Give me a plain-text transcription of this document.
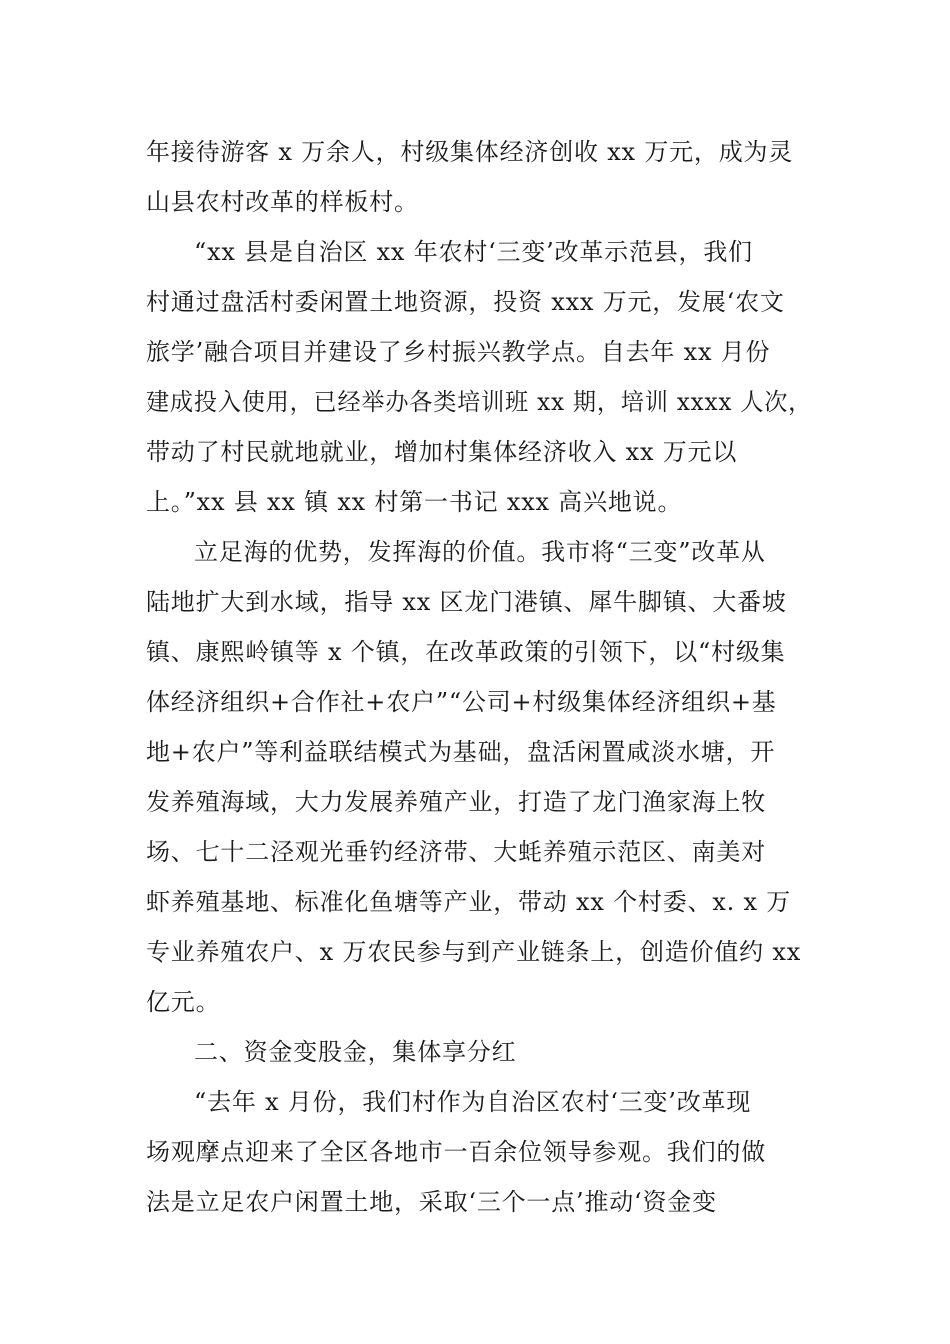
年接待游客 x 万余人，村级集体经济创收 xx 万元，成为灵
山县农村改革的样板村。
“xx 县是自治区 xx 年农村‘三变’改革示范县，我们
村通过盘活村委闲置土地资源，投资 xxx 万元，发展‘农文
旅学’融合项目并建设了乡村振兴教学点。自去年 xx 月份
建成投入使用，已经举办各类培训班 xx 期，培训 xxxx 人次，
带动了村民就地就业，增加村集体经济收入 xx 万元以
上。”xx 县 xx 镇 xx 村第一书记 xxx 高兴地说。
立足海的优势，发挥海的价值。我市将“三变”改革从
陆地扩大到水域，指导 xx 区龙门港镇、犀牛脚镇、大番坡
镇、康熙岭镇等 x 个镇，在改革政策的引领下，以“村级集
体经济组织+合作社+农户”“公司+村级集体经济组织+基
地+农户”等利益联结模式为基础，盘活闲置咸淡水塘，开
发养殖海域，大力发展养殖产业，打造了龙门渔家海上牧
场、七十二泾观光垂钓经济带、大蚝养殖示范区、南美对
虾养殖基地、标准化鱼塘等产业，带动 xx 个村委、x. x 万
专业养殖农户、x 万农民参与到产业链条上，创造价值约 xx
亿元。
二、资金变股金，集体享分红
“去年 x 月份，我们村作为自治区农村‘三变’改革现
场观摩点迎来了全区各地市一百余位领导参观。我们的做
法是立足农户闲置土地，采取‘三个一点’推动‘资金变
